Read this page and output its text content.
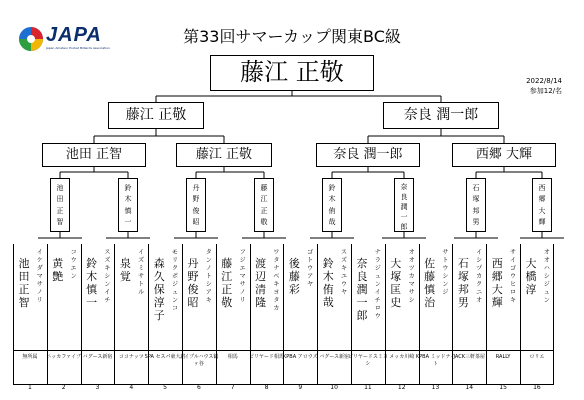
JAPA
Japan Amateur Pocket Billiards Association
第33回サマーカップ関東BC級
2022/8/14
参加12/名
藤江 正敬
藤江 正敬	奈良 潤一郎
池田 正智	藤江 正敬	奈良 潤一郎	西郷 大輝
池
田
正
智
鈴
木
慎
一
丹
野
俊
昭
藤
江
正
敬
鈴
木
侑
哉
奈
良
潤
一
郎
石
塚
邦
男
西
郷
大
輝
池田正智
イケダマサノリ
無所属
1
黄艶
コウエン
ニッカファイブ
2
鈴木慎一
スズキシンイチ
バグース新宿
3
泉覚
イズミサトル
ココナッツ
4
森久保淳子
モリクボジュンコ
SPA セスパ東大宮
5
丹野俊昭
タンノトシアキ
メイプルハウス鶴ヶ谷
6
藤江正敬
フジエマサノリ
相馬
7
渡辺清隆
ワタナベキヨタカ
ビリヤード相馬
8
後藤彩
ゴトウアヤ
KPBA アロウズ
9
鈴木侑哉
スズキユウヤ
バグース新宿
10
奈良潤一郎
ナラジュンイチロウ
ビリヤードスミヨシ
11
大塚匡史
オオツカマサシ
メッカ川崎
12
佐藤慎治
サトウシンジ
KPBA ミッドナイト
13
石塚邦男
イシヅカクニオ
JACK三軒茶屋
14
西郷大輝
サイゴウヒロキ
RALLY
15
大橋淳
オオハシジュン
ロリエ
16
